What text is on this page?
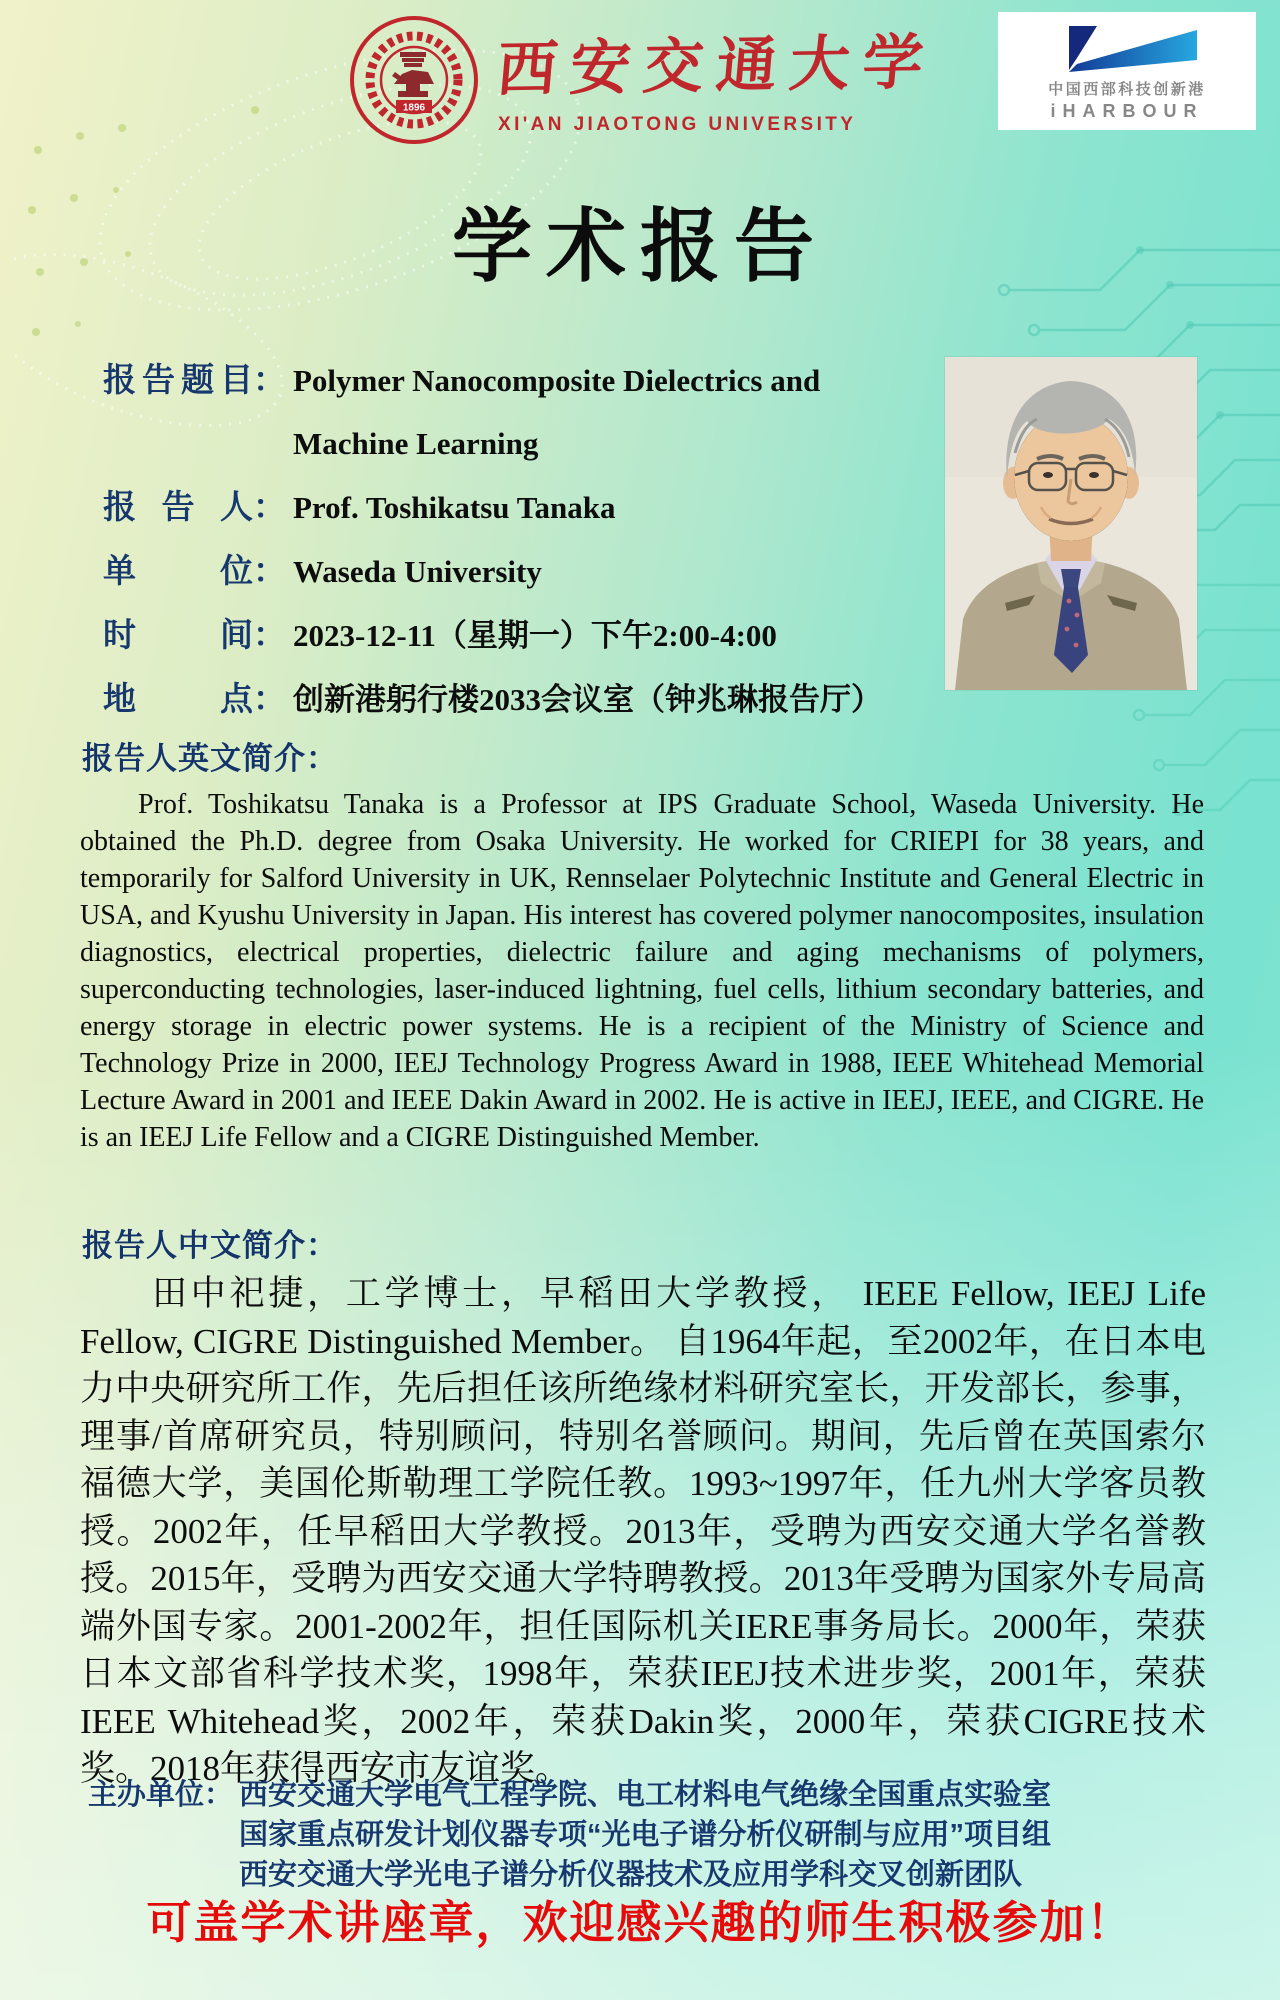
1896
西安交通大学
XI'AN JIAOTONG UNIVERSITY
中国西部科技创新港
iHARBOUR
学术报告
报告题目 ： Polymer Nanocomposite Dielectrics and
Machine Learning
报告人 ： Prof. Toshikatsu Tanaka
单位 ： Waseda University
时间 ： 2023-12-11（星期一）下午2:00-4:00
地点 ： 创新港躬行楼2033会议室（钟兆琳报告厅）
报告人英文简介：

Prof. Toshikatsu Tanaka is a Professor at IPS Graduate School, Waseda University. He obtained the Ph.D. degree from Osaka University. He worked for CRIEPI for 38 years, and temporarily for Salford University in UK, Rennselaer Polytechnic Institute and General Electric in USA, and Kyushu University in Japan. His interest has covered polymer nanocomposites, insulation diagnostics, electrical properties, dielectric failure and aging mechanisms of polymers, superconducting technologies, laser-induced lightning, fuel cells, lithium secondary batteries, and energy storage in electric power systems. He is a recipient of the Ministry of Science and Technology Prize in 2000, IEEJ Technology Progress Award in 1988, IEEE Whitehead Memorial Lecture Award in 2001 and IEEE Dakin Award in 2002. He is active in IEEJ, IEEE, and CIGRE. He is an IEEJ Life Fellow and a CIGRE Distinguished Member.

报告人中文简介：

田中祀捷，工学博士，早稻田大学教授， IEEE Fellow, IEEJ Life Fellow, CIGRE Distinguished Member。 自1964年起，至2002年，在日本电力中央研究所工作，先后担任该所绝缘材料研究室长，开发部长，参事，理事/首席研究员，特别顾问，特别名誉顾问。期间，先后曾在英国索尔福德大学，美国伦斯勒理工学院任教。1993~1997年，任九州大学客员教授。2002年，任早稻田大学教授。2013年，受聘为西安交通大学名誉教授。2015年，受聘为西安交通大学特聘教授。2013年受聘为国家外专局高端外国专家。2001-2002年，担任国际机关IERE事务局长。2000年，荣获日本文部省科学技术奖，1998年，荣获IEEJ技术进步奖，2001年，荣获IEEE Whitehead奖，2002年，荣获Dakin奖，2000年，荣获CIGRE技术奖。2018年获得西安市友谊奖。

主办单位： 西安交通大学电气工程学院、电工材料电气绝缘全国重点实验室
国家重点研发计划仪器专项“光电子谱分析仪研制与应用”项目组
西安交通大学光电子谱分析仪器技术及应用学科交叉创新团队
可盖学术讲座章，欢迎感兴趣的师生积极参加！
